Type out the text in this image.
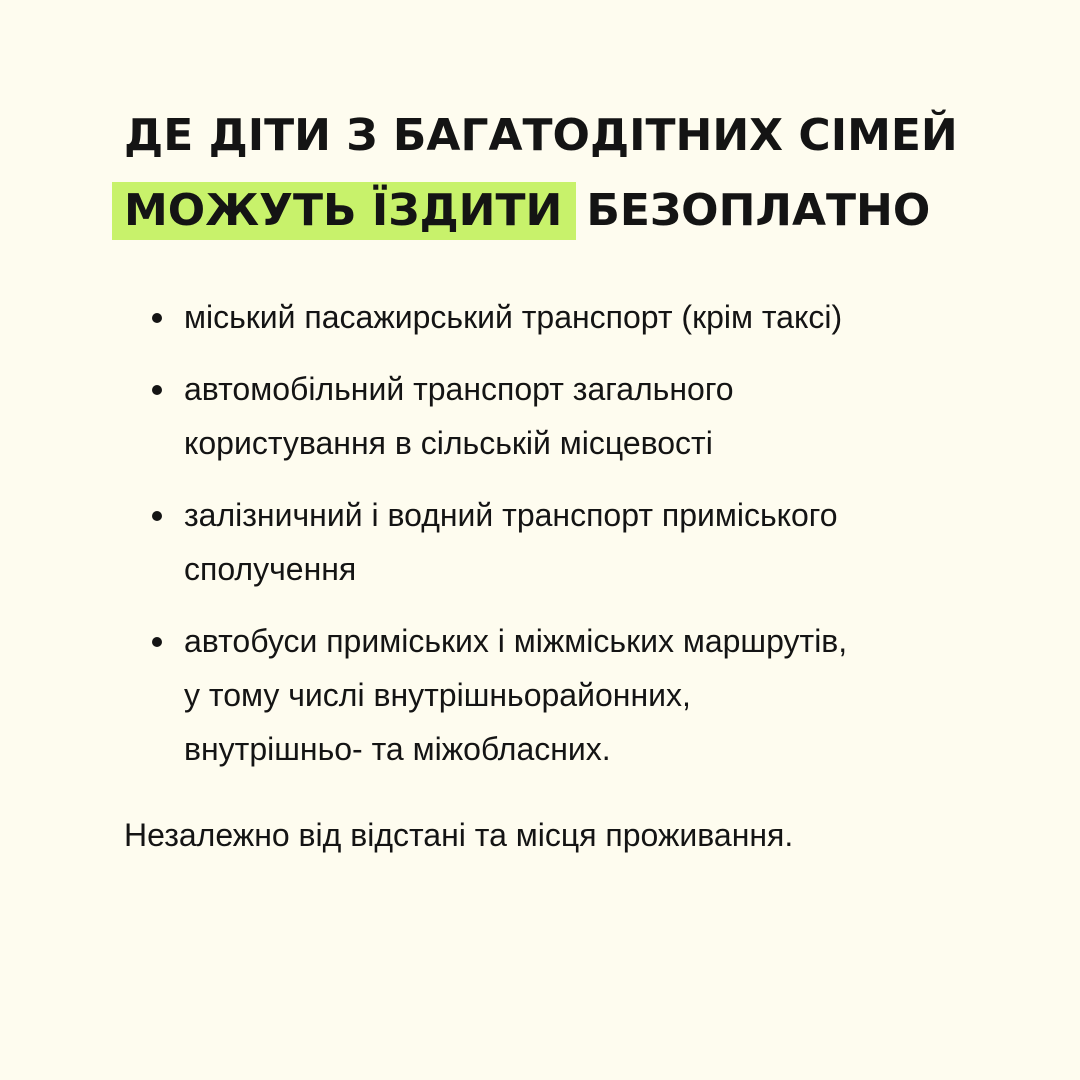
ДЕ ДІТИ З БАГАТОДІТНИХ СІМЕЙ
МОЖУТЬ ЇЗДИТИ БЕЗОПЛАТНО
міський пасажирський транспорт (крім таксі)
автомобільний транспорт загального
користування в сільській місцевості
залізничний і водний транспорт приміського
сполучення
автобуси приміських і міжміських маршрутів,
у тому числі внутрішньорайонних,
внутрішньо- та міжобласних.

Незалежно від відстані та місця проживання.
